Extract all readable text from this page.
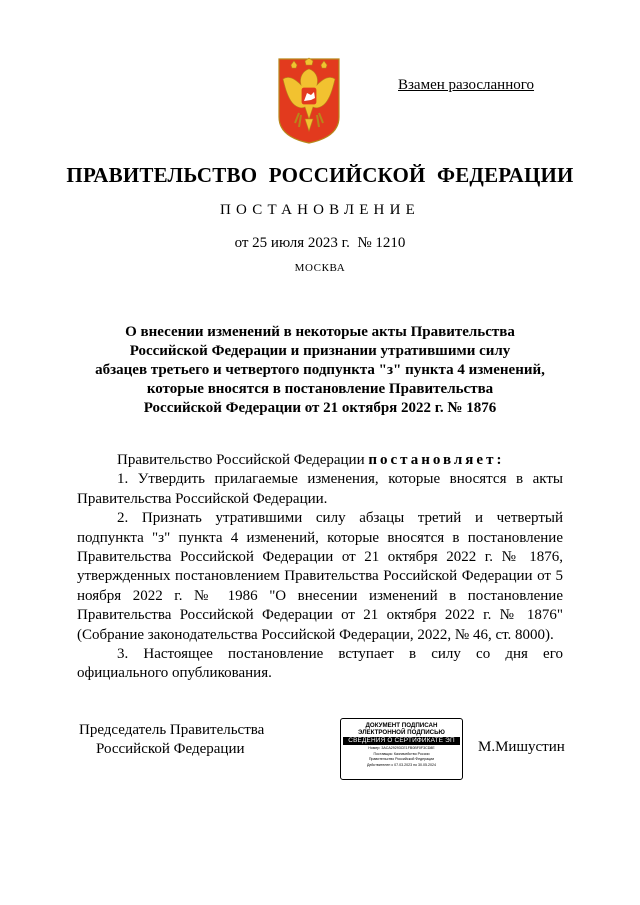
Взамен разосланного
ПРАВИТЕЛЬСТВО РОССИЙСКОЙ ФЕДЕРАЦИИ
ПОСТАНОВЛЕНИЕ
от 25 июля 2023 г.  № 1210
МОСКВА
О внесении изменений в некоторые акты Правительства
Российской Федерации и признании утратившими силу
абзацев третьего и четвертого подпункта "з" пункта 4 изменений,
которые вносятся в постановление Правительства
Российской Федерации от 21 октября 2022 г. № 1876

Правительство Российской Федерации постановляет:

1. Утвердить прилагаемые изменения, которые вносятся в акты Правительства Российской Федерации.

2. Признать утратившими силу абзацы третий и четвертый подпункта "з" пункта 4 изменений, которые вносятся в постановление Правительства Российской Федерации от 21 октября 2022 г. № 1876, утвержденных постановлением Правительства Российской Федерации от 5 ноября 2022 г. № 1986 "О внесении изменений в постановление Правительства Российской Федерации от 21 октября 2022 г. № 1876" (Собрание законодательства Российской Федерации, 2022, № 46, ст. 8000).

3. Настоящее постановление вступает в силу со дня его официального опубликования.

Председатель Правительства
Российской Федерации
ДОКУМЕНТ ПОДПИСАН
ЭЛЕКТРОННОЙ ПОДПИСЬЮ
СВЕДЕНИЯ О СЕРТИФИКАТЕ ЭП
Номер: 3ACA29293CE1FB0BF0F3CD8E
Поставщик: Казначейство России
Правительство Российской Федерации
Действителен с 07.03.2023 по 30.05.2024
М.Мишустин
